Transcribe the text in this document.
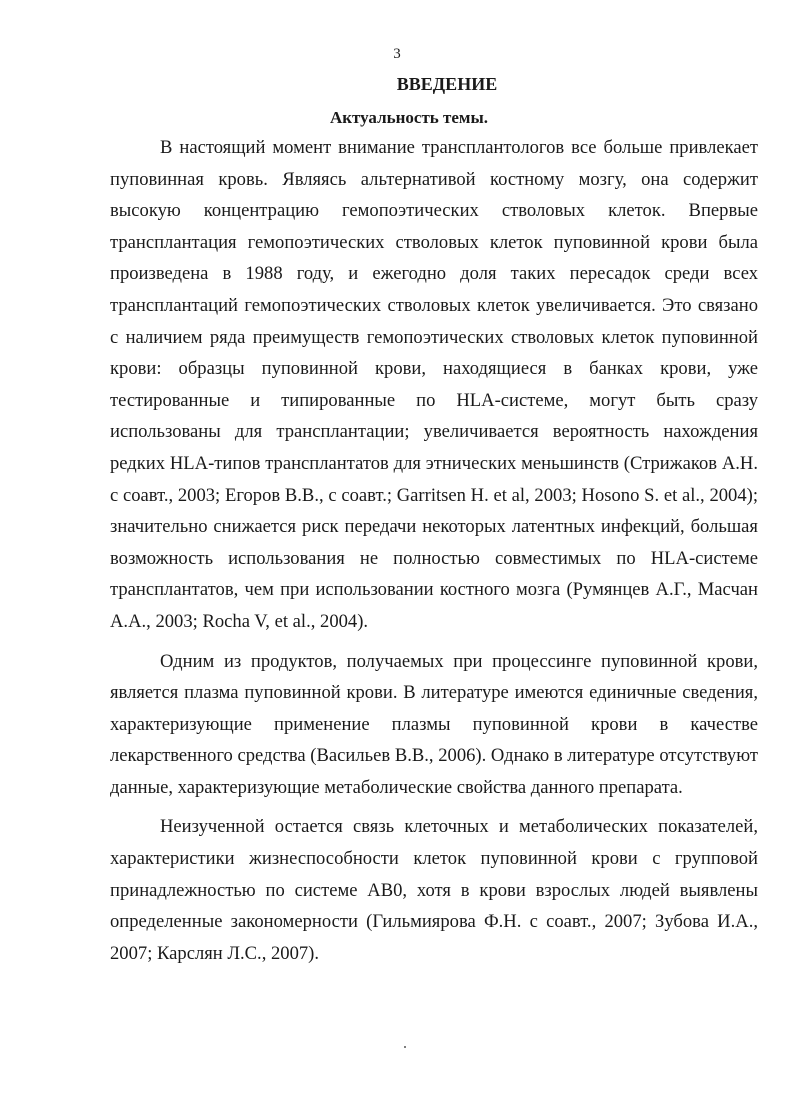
3
ВВЕДЕНИЕ
Актуальность темы.

В настоящий момент внимание трансплантологов все больше привлекает пуповинная кровь. Являясь альтернативой костному мозгу, она содержит высокую концентрацию гемопоэтических стволовых клеток. Впервые трансплантация гемопоэтических стволовых клеток пуповинной крови была произведена в 1988 году, и ежегодно доля таких пересадок среди всех трансплантаций гемопоэтических стволовых клеток увеличивается. Это связано с наличием ряда преимуществ гемопоэтических стволовых клеток пуповинной крови: образцы пуповинной крови, находящиеся в банках крови, уже тестированные и типированные по HLA-системе, могут быть сразу использованы для трансплантации; увеличивается вероятность нахождения редких HLA-типов трансплантатов для этнических меньшинств (Стрижаков А.Н. с соавт., 2003; Егоров В.В., с соавт.; Garritsen H. et al, 2003; Hosono S. et al., 2004); значительно снижается риск передачи некоторых латентных инфекций, большая возможность использования не полностью совместимых по HLA-системе трансплантатов, чем при использовании костного мозга (Румянцев А.Г., Масчан А.А., 2003; Rocha V, et al., 2004).

Одним из продуктов, получаемых при процессинге пуповинной крови, является плазма пуповинной крови. В литературе имеются единичные сведения, характеризующие применение плазмы пуповинной крови в качестве лекарственного средства (Васильев В.В., 2006). Однако в литературе отсутствуют данные, характеризующие метаболические свойства данного препарата.

Неизученной остается связь клеточных и метаболических показателей, характеристики жизнеспособности клеток пуповинной крови с групповой принадлежностью по системе АВ0, хотя в крови взрослых людей выявлены определенные закономерности (Гильмиярова Ф.Н. с соавт., 2007; Зубова И.А., 2007; Карслян Л.С., 2007).
